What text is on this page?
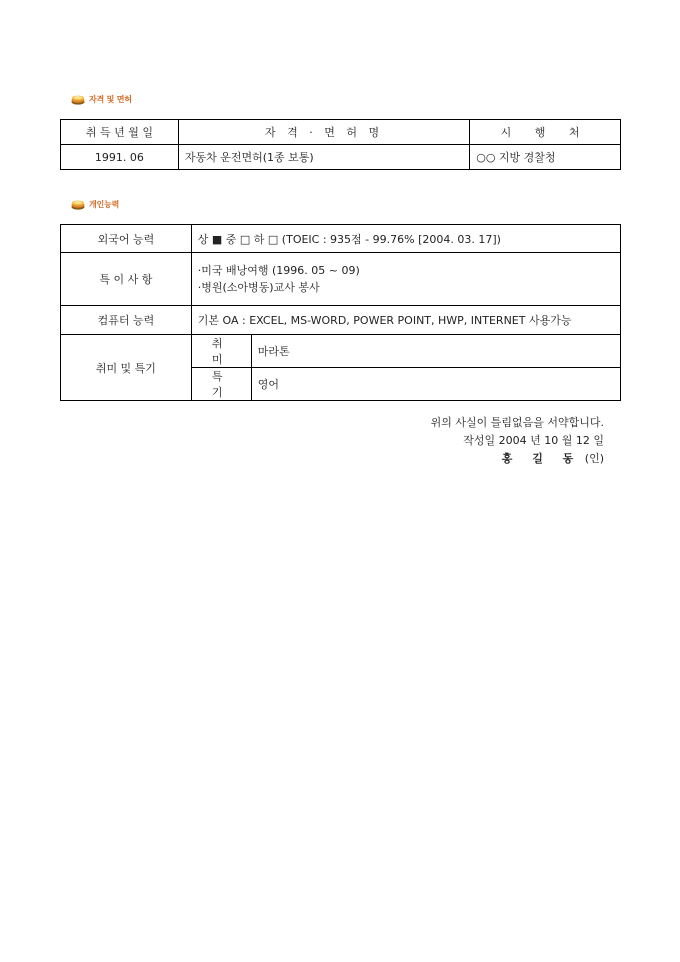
자격 및 면허
취 득 년 월 일	자 격 · 면 허 명	시 행 처
1991. 06	자동차 운전면허(1종 보통)	○○ 지방 경찰청
개인능력
외국어 능력	상 ■ 중 □ 하 □ (TOEIC : 935점 - 99.76% [2004. 03. 17])	
특 이 사 항	·미국 배낭여행 (1996. 05 ~ 09)
·병원(소아병동)교사 봉사	

컴퓨터 능력	기본 OA : EXCEL, MS-WORD, POWER POINT, HWP, INTERNET 사용가능	
취미 및 특기	취 미	마라톤
	특 기	영어
위의 사실이 틀림없음을 서약합니다.
작성일 2004 년 10 월 12 일
홍 길 동 (인)
